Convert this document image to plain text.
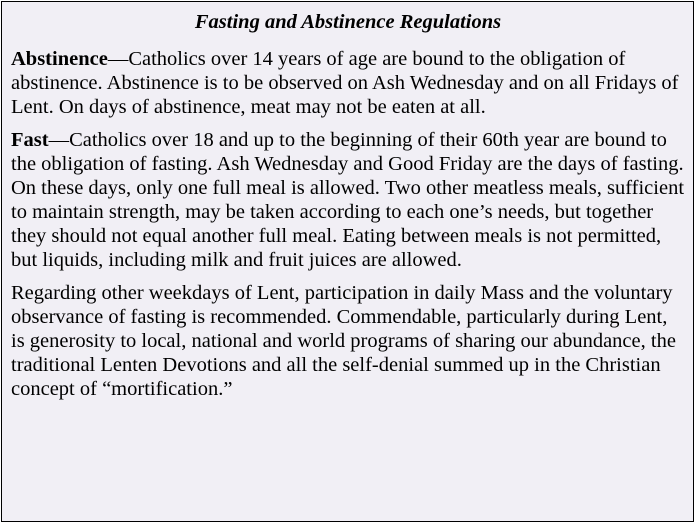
Fasting and Abstinence Regulations

Abstinence—Catholics over 14 years of age are bound to the obligation of abstinence. Abstinence is to be observed on Ash Wednesday and on all Fridays of Lent. On days of abstinence, meat may not be eaten at all.

Fast—Catholics over 18 and up to the beginning of their 60th year are bound to the obligation of fasting. Ash Wednesday and Good Friday are the days of fasting. On these days, only one full meal is allowed. Two other meatless meals, sufficient to maintain strength, may be taken according to each one’s needs, but together they should not equal another full meal. Eating between meals is not permitted, but liquids, including milk and fruit juices are allowed.

Regarding other weekdays of Lent, participation in daily Mass and the voluntary observance of fasting is recommended. Commendable, particularly during Lent, is generosity to local, national and world programs of sharing our abundance, the traditional Lenten Devotions and all the self-denial summed up in the Christian concept of “mortification.”
